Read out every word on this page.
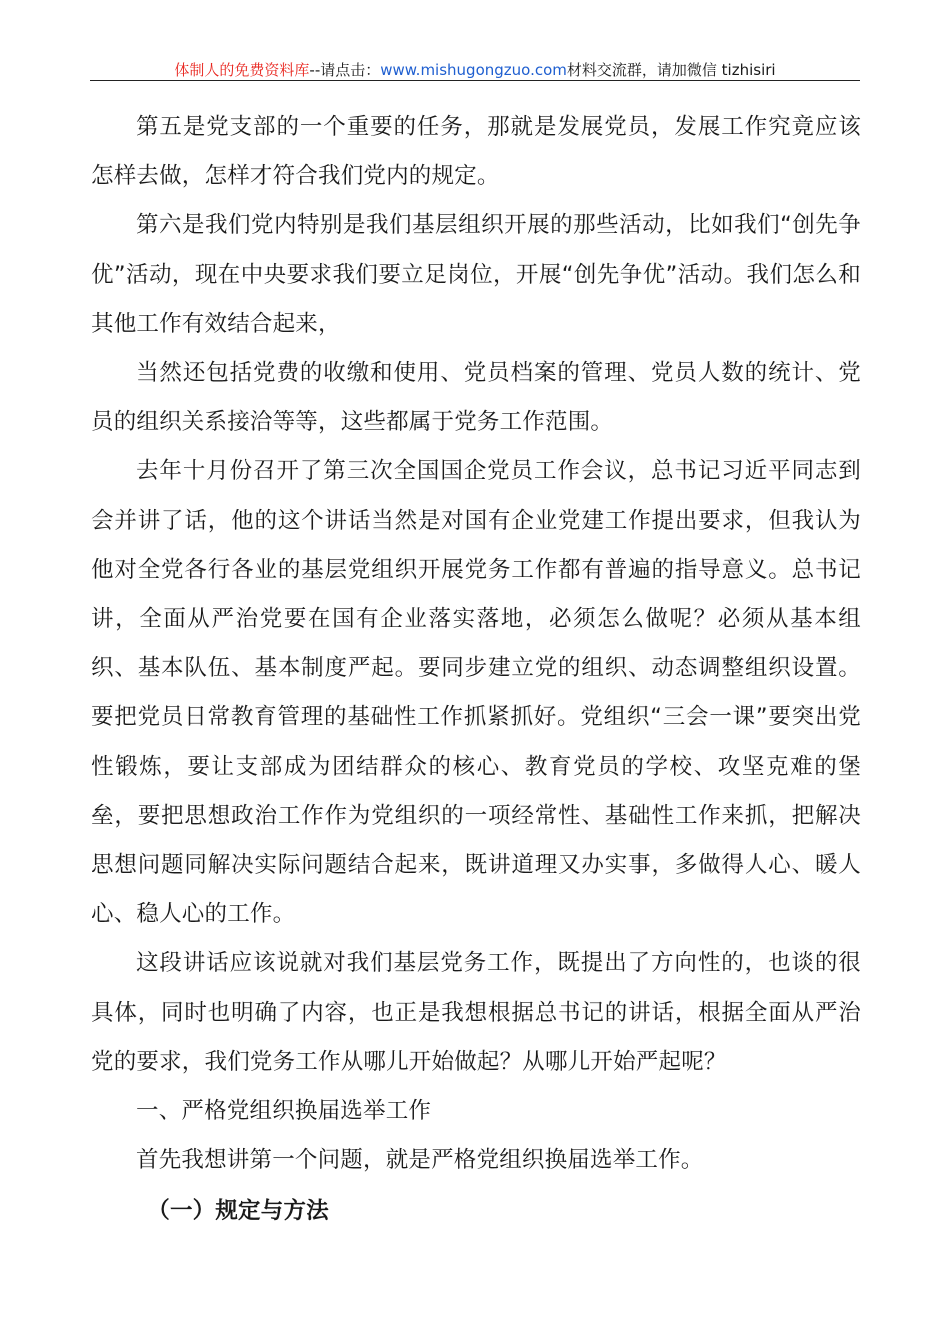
体制人的免费资料库--请点击：www.mishugongzuo.com材料交流群，请加微信 tizhisiri

第五是党支部的一个重要的任务，那就是发展党员，发展工作究竟应该怎样去做，怎样才符合我们党内的规定。

第六是我们党内特别是我们基层组织开展的那些活动，比如我们“创先争优”活动，现在中央要求我们要立足岗位，开展“创先争优”活动。我们怎么和其他工作有效结合起来，

当然还包括党费的收缴和使用、党员档案的管理、党员人数的统计、党员的组织关系接洽等等，这些都属于党务工作范围。

去年十月份召开了第三次全国国企党员工作会议，总书记习近平同志到会并讲了话，他的这个讲话当然是对国有企业党建工作提出要求，但我认为他对全党各行各业的基层党组织开展党务工作都有普遍的指导意义。总书记讲，全面从严治党要在国有企业落实落地，必须怎么做呢？必须从基本组织、基本队伍、基本制度严起。要同步建立党的组织、动态调整组织设置。要把党员日常教育管理的基础性工作抓紧抓好。党组织“三会一课”要突出党性锻炼，要让支部成为团结群众的核心、教育党员的学校、攻坚克难的堡垒，要把思想政治工作作为党组织的一项经常性、基础性工作来抓，把解决思想问题同解决实际问题结合起来，既讲道理又办实事，多做得人心、暖人心、稳人心的工作。

这段讲话应该说就对我们基层党务工作，既提出了方向性的，也谈的很具体，同时也明确了内容，也正是我想根据总书记的讲话，根据全面从严治党的要求，我们党务工作从哪儿开始做起？从哪儿开始严起呢？

一、严格党组织换届选举工作

首先我想讲第一个问题，就是严格党组织换届选举工作。

（一）规定与方法
